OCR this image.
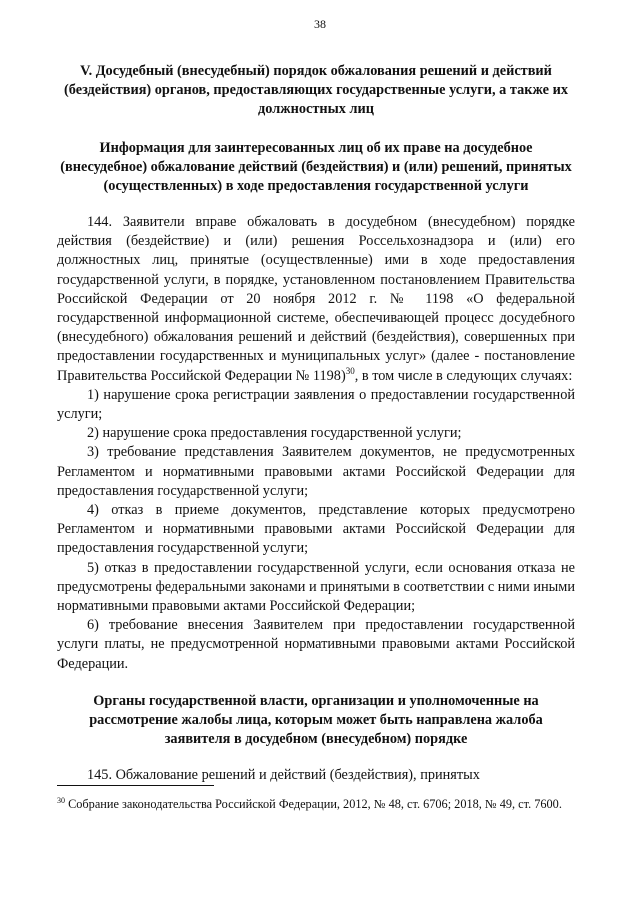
38
V. Досудебный (внесудебный) порядок обжалования решений и действий (бездействия) органов, предоставляющих государственные услуги, а также их должностных лиц
Информация для заинтересованных лиц об их праве на досудебное (внесудебное) обжалование действий (бездействия) и (или) решений, принятых (осуществленных) в ходе предоставления государственной услуги

144. Заявители вправе обжаловать в досудебном (внесудебном) порядке действия (бездействие) и (или) решения Россельхознадзора и (или) его должностных лиц, принятые (осуществленные) ими в ходе предоставления государственной услуги, в порядке, установленном постановлением Правительства Российской Федерации от 20 ноября 2012 г. № 1198 «О федеральной государственной информационной системе, обеспечивающей процесс досудебного (внесудебного) обжалования решений и действий (бездействия), совершенных при предоставлении государственных и муниципальных услуг» (далее - постановление Правительства Российской Федерации № 1198)$^{30}$, в том числе в следующих случаях:

1) нарушение срока регистрации заявления о предоставлении государственной услуги;

2) нарушение срока предоставления государственной услуги;

3) требование представления Заявителем документов, не предусмотренных Регламентом и нормативными правовыми актами Российской Федерации для предоставления государственной услуги;

4) отказ в приеме документов, представление которых предусмотрено Регламентом и нормативными правовыми актами Российской Федерации для предоставления государственной услуги;

5) отказ в предоставлении государственной услуги, если основания отказа не предусмотрены федеральными законами и принятыми в соответствии с ними иными нормативными правовыми актами Российской Федерации;

6) требование внесения Заявителем при предоставлении государственной услуги платы, не предусмотренной нормативными правовыми актами Российской Федерации.

Органы государственной власти, организации и уполномоченные на рассмотрение жалобы лица, которым может быть направлена жалоба заявителя в досудебном (внесудебном) порядке

145. Обжалование решений и действий (бездействия), принятых

$^{30}$ Собрание законодательства Российской Федерации, 2012, № 48, ст. 6706; 2018, № 49, ст. 7600.
